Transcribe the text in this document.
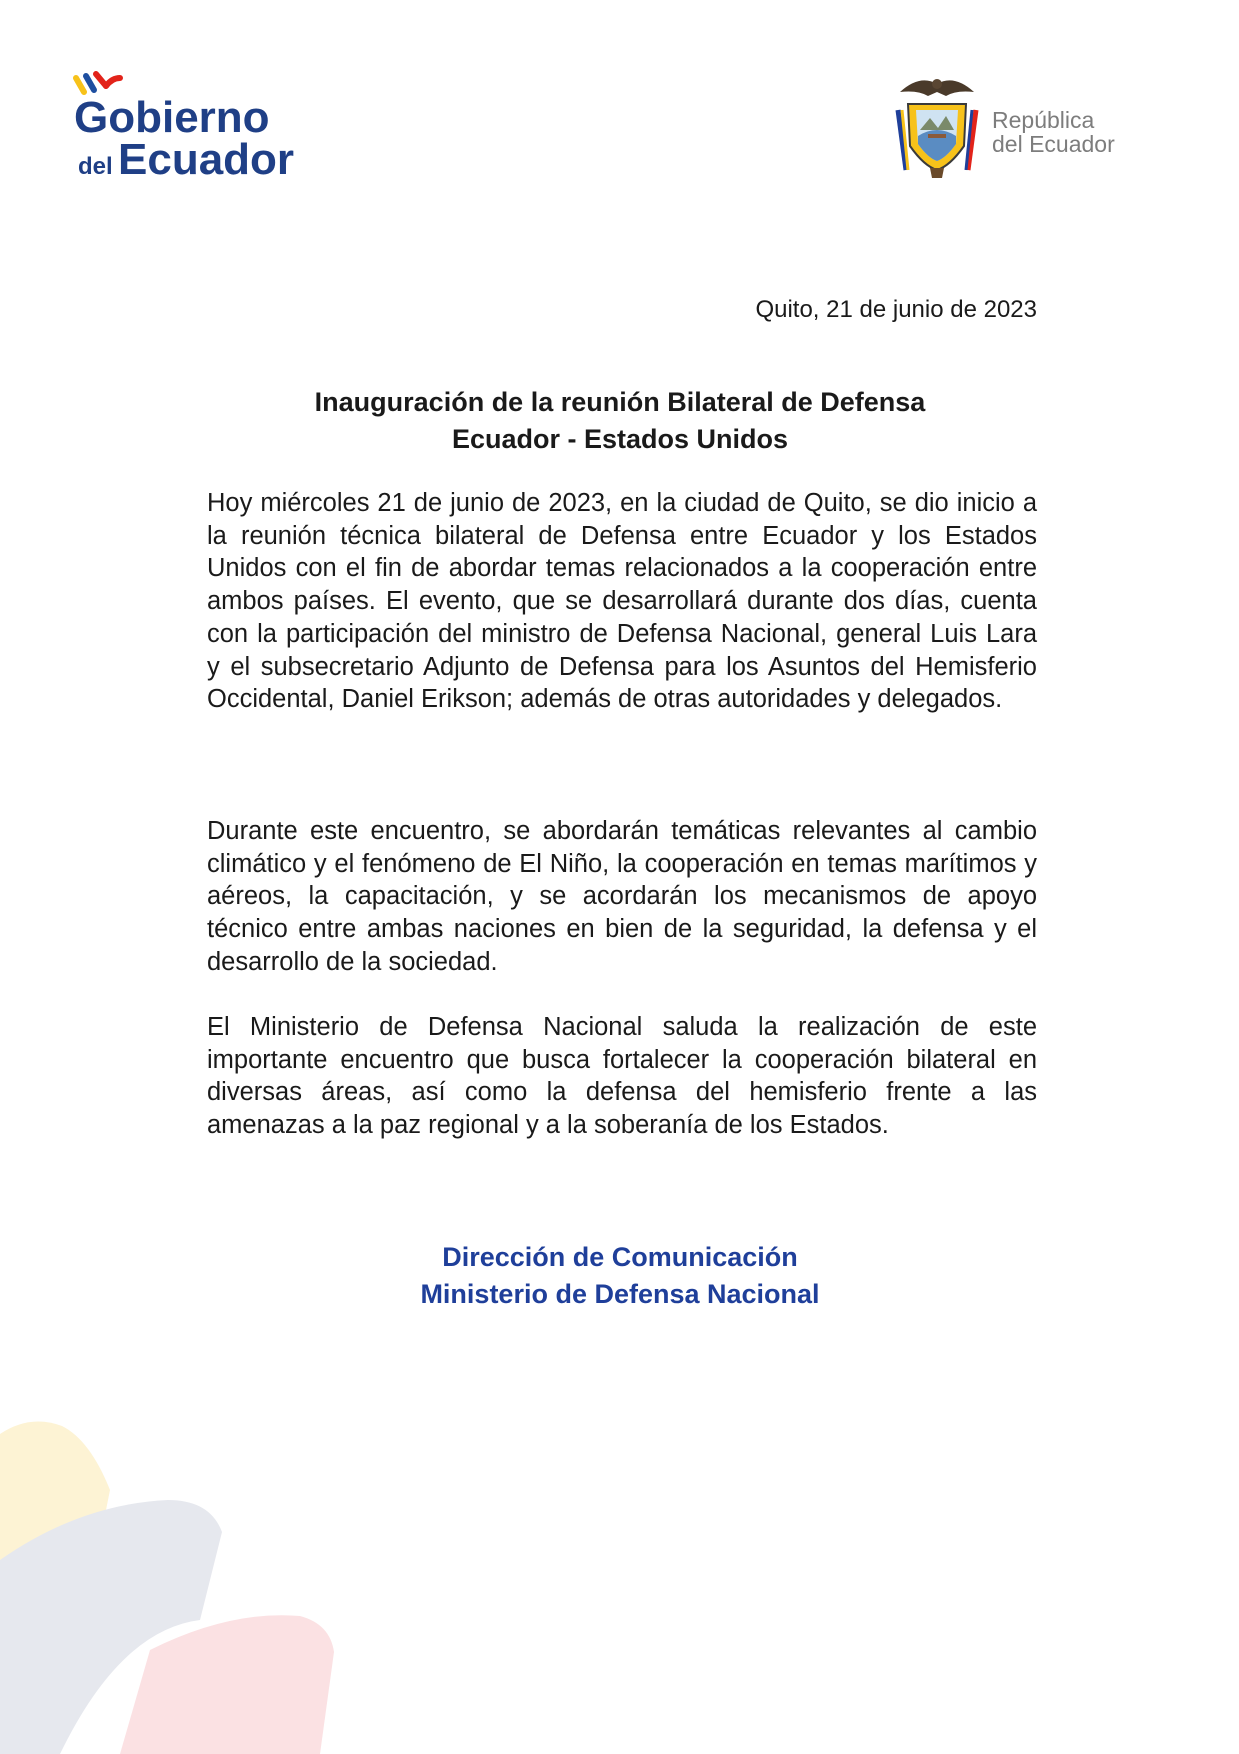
Gobierno
del Ecuador
República
del Ecuador
Quito, 21 de junio de 2023
Inauguración de la reunión Bilateral de Defensa
Ecuador - Estados Unidos

Hoy miércoles 21 de junio de 2023, en la ciudad de Quito, se dio inicio a la reunión técnica bilateral de Defensa entre Ecuador y los Estados Unidos con el fin de abordar temas relacionados a la cooperación entre ambos países. El evento, que se desarrollará durante dos días, cuenta con la participación del ministro de Defensa Nacional, general Luis Lara y el subsecretario Adjunto de Defensa para los Asuntos del Hemisferio Occidental, Daniel Erikson; además de otras autoridades y delegados.

Durante este encuentro, se abordarán temáticas relevantes al cambio climático y el fenómeno de El Niño, la cooperación en temas marítimos y aéreos, la capacitación, y se acordarán los mecanismos de apoyo técnico entre ambas naciones en bien de la seguridad, la defensa y el desarrollo de la sociedad.

El Ministerio de Defensa Nacional saluda la realización de este importante encuentro que busca fortalecer la cooperación bilateral en diversas áreas, así como la defensa del hemisferio frente a las amenazas a la paz regional y a la soberanía de los Estados.

Dirección de Comunicación
Ministerio de Defensa Nacional
